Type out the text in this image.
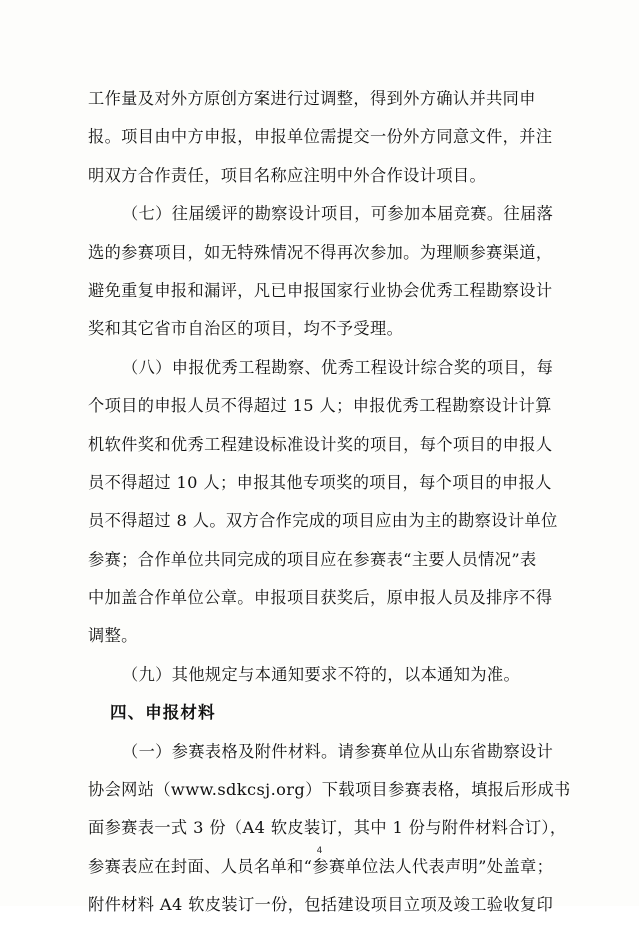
工作量及对外方原创方案进行过调整，得到外方确认并共同申
报。项目由中方申报，申报单位需提交一份外方同意文件，并注
明双方合作责任，项目名称应注明中外合作设计项目。
（七）往届缓评的勘察设计项目，可参加本届竞赛。往届落
选的参赛项目，如无特殊情况不得再次参加。为理顺参赛渠道，
避免重复申报和漏评，凡已申报国家行业协会优秀工程勘察设计
奖和其它省市自治区的项目，均不予受理。
（八）申报优秀工程勘察、优秀工程设计综合奖的项目，每
个项目的申报人员不得超过 15 人；申报优秀工程勘察设计计算
机软件奖和优秀工程建设标准设计奖的项目，每个项目的申报人
员不得超过 10 人；申报其他专项奖的项目，每个项目的申报人
员不得超过 8 人。双方合作完成的项目应由为主的勘察设计单位
参赛；合作单位共同完成的项目应在参赛表“主要人员情况”表
中加盖合作单位公章。申报项目获奖后，原申报人员及排序不得
调整。
（九）其他规定与本通知要求不符的，以本通知为准。
四、申报材料
（一）参赛表格及附件材料。请参赛单位从山东省勘察设计
协会网站（www.sdkcsj.org）下载项目参赛表格，填报后形成书
面参赛表一式 3 份（A4 软皮装订，其中 1 份与附件材料合订），
参赛表应在封面、人员名单和“参赛单位法人代表声明”处盖章；
附件材料 A4 软皮装订一份，包括建设项目立项及竣工验收复印
4
